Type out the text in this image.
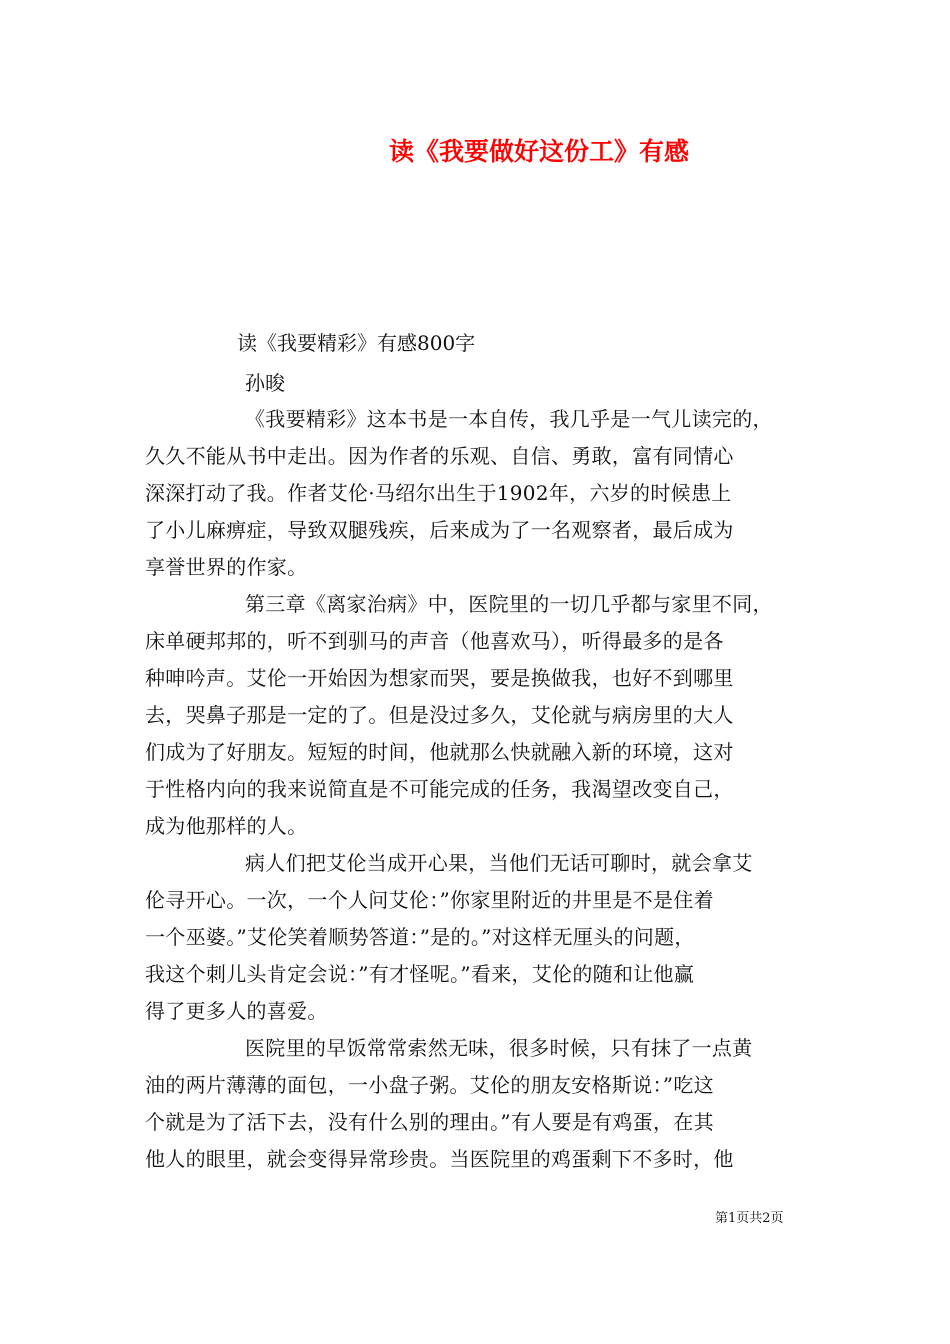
读《我要做好这份工》有感
读《我要精彩》有感800字
孙晙
《我要精彩》这本书是一本自传，我几乎是一气儿读完的，
久久不能从书中走出。因为作者的乐观、自信、勇敢，富有同情心
深深打动了我。作者艾伦·马绍尔出生于1902年，六岁的时候患上
了小儿麻痹症，导致双腿残疾，后来成为了一名观察者，最后成为
享誉世界的作家。
第三章《离家治病》中，医院里的一切几乎都与家里不同，
床单硬邦邦的，听不到驯马的声音（他喜欢马），听得最多的是各
种呻吟声。艾伦一开始因为想家而哭，要是换做我，也好不到哪里
去，哭鼻子那是一定的了。但是没过多久，艾伦就与病房里的大人
们成为了好朋友。短短的时间，他就那么快就融入新的环境，这对
于性格内向的我来说简直是不可能完成的任务，我渴望改变自己，
成为他那样的人。
病人们把艾伦当成开心果，当他们无话可聊时，就会拿艾
伦寻开心。一次，一个人问艾伦：”你家里附近的井里是不是住着
一个巫婆。”艾伦笑着顺势答道：”是的。”对这样无厘头的问题，
我这个刺儿头肯定会说：”有才怪呢。”看来，艾伦的随和让他赢
得了更多人的喜爱。
医院里的早饭常常索然无味，很多时候，只有抹了一点黄
油的两片薄薄的面包，一小盘子粥。艾伦的朋友安格斯说：”吃这
个就是为了活下去，没有什么别的理由。”有人要是有鸡蛋，在其
他人的眼里，就会变得异常珍贵。当医院里的鸡蛋剩下不多时，他
第1页共2页
